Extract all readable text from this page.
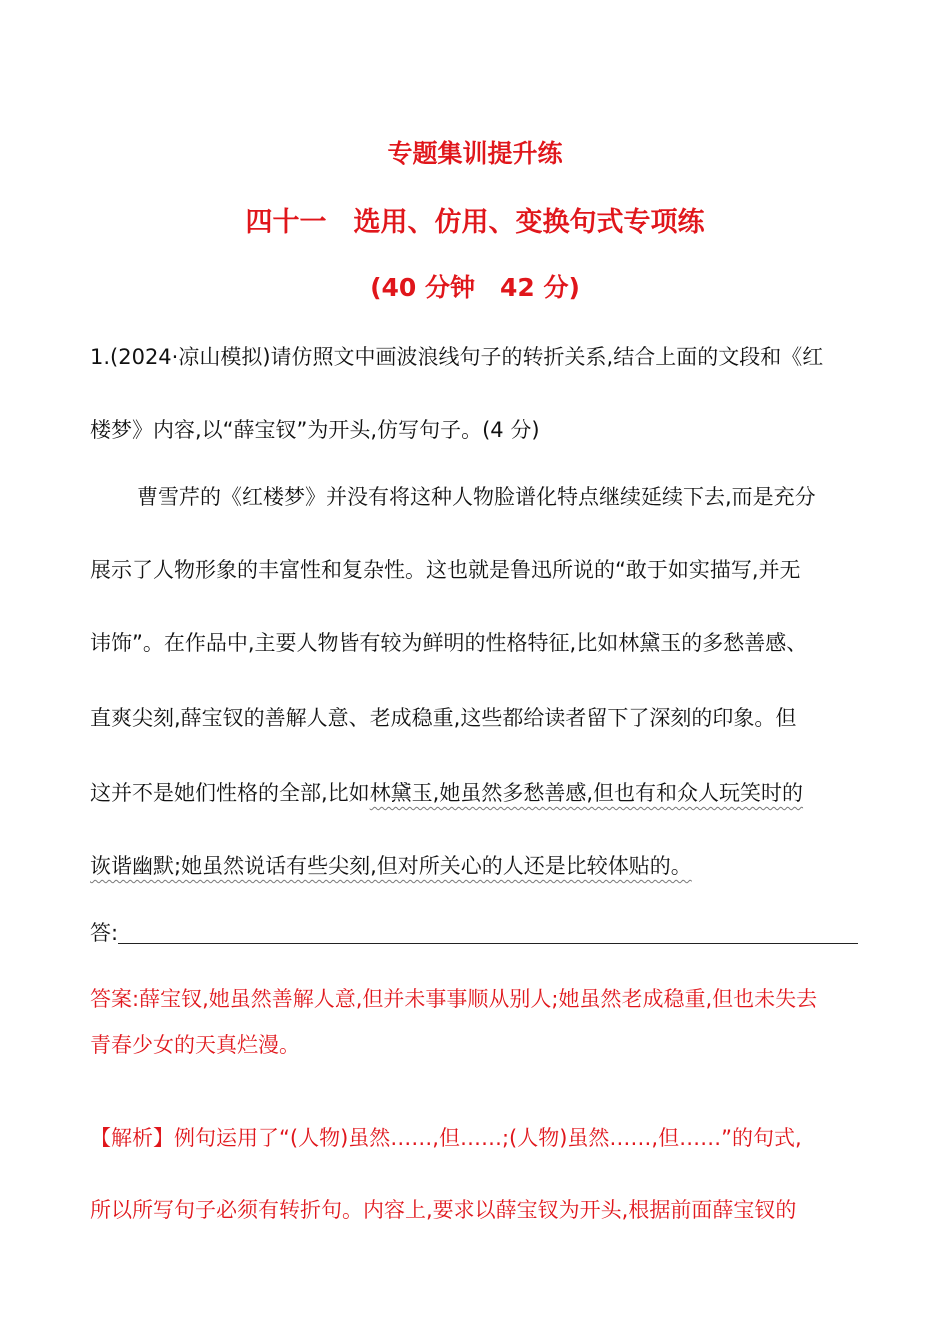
专题集训提升练
四十一　选用、仿用、变换句式专项练
(40 分钟　42 分)
1.(2024·凉山模拟)请仿照文中画波浪线句子的转折关系,结合上面的文段和《红
楼梦》内容,以“薛宝钗”为开头,仿写句子。(4 分)
曹雪芹的《红楼梦》并没有将这种人物脸谱化特点继续延续下去,而是充分
展示了人物形象的丰富性和复杂性。这也就是鲁迅所说的“敢于如实描写,并无
讳饰”。在作品中,主要人物皆有较为鲜明的性格特征,比如林黛玉的多愁善感、
直爽尖刻,薛宝钗的善解人意、老成稳重,这些都给读者留下了深刻的印象。但
这并不是她们性格的全部,比如林黛玉,她虽然多愁善感,但也有和众人玩笑时的
诙谐幽默;她虽然说话有些尖刻,但对所关心的人还是比较体贴的。
答:
答案:薛宝钗,她虽然善解人意,但并未事事顺从别人;她虽然老成稳重,但也未失去
青春少女的天真烂漫。
【解析】例句运用了“(人物)虽然……,但……;(人物)虽然……,但……”的句式,
所以所写句子必须有转折句。内容上,要求以薛宝钗为开头,根据前面薛宝钗的
